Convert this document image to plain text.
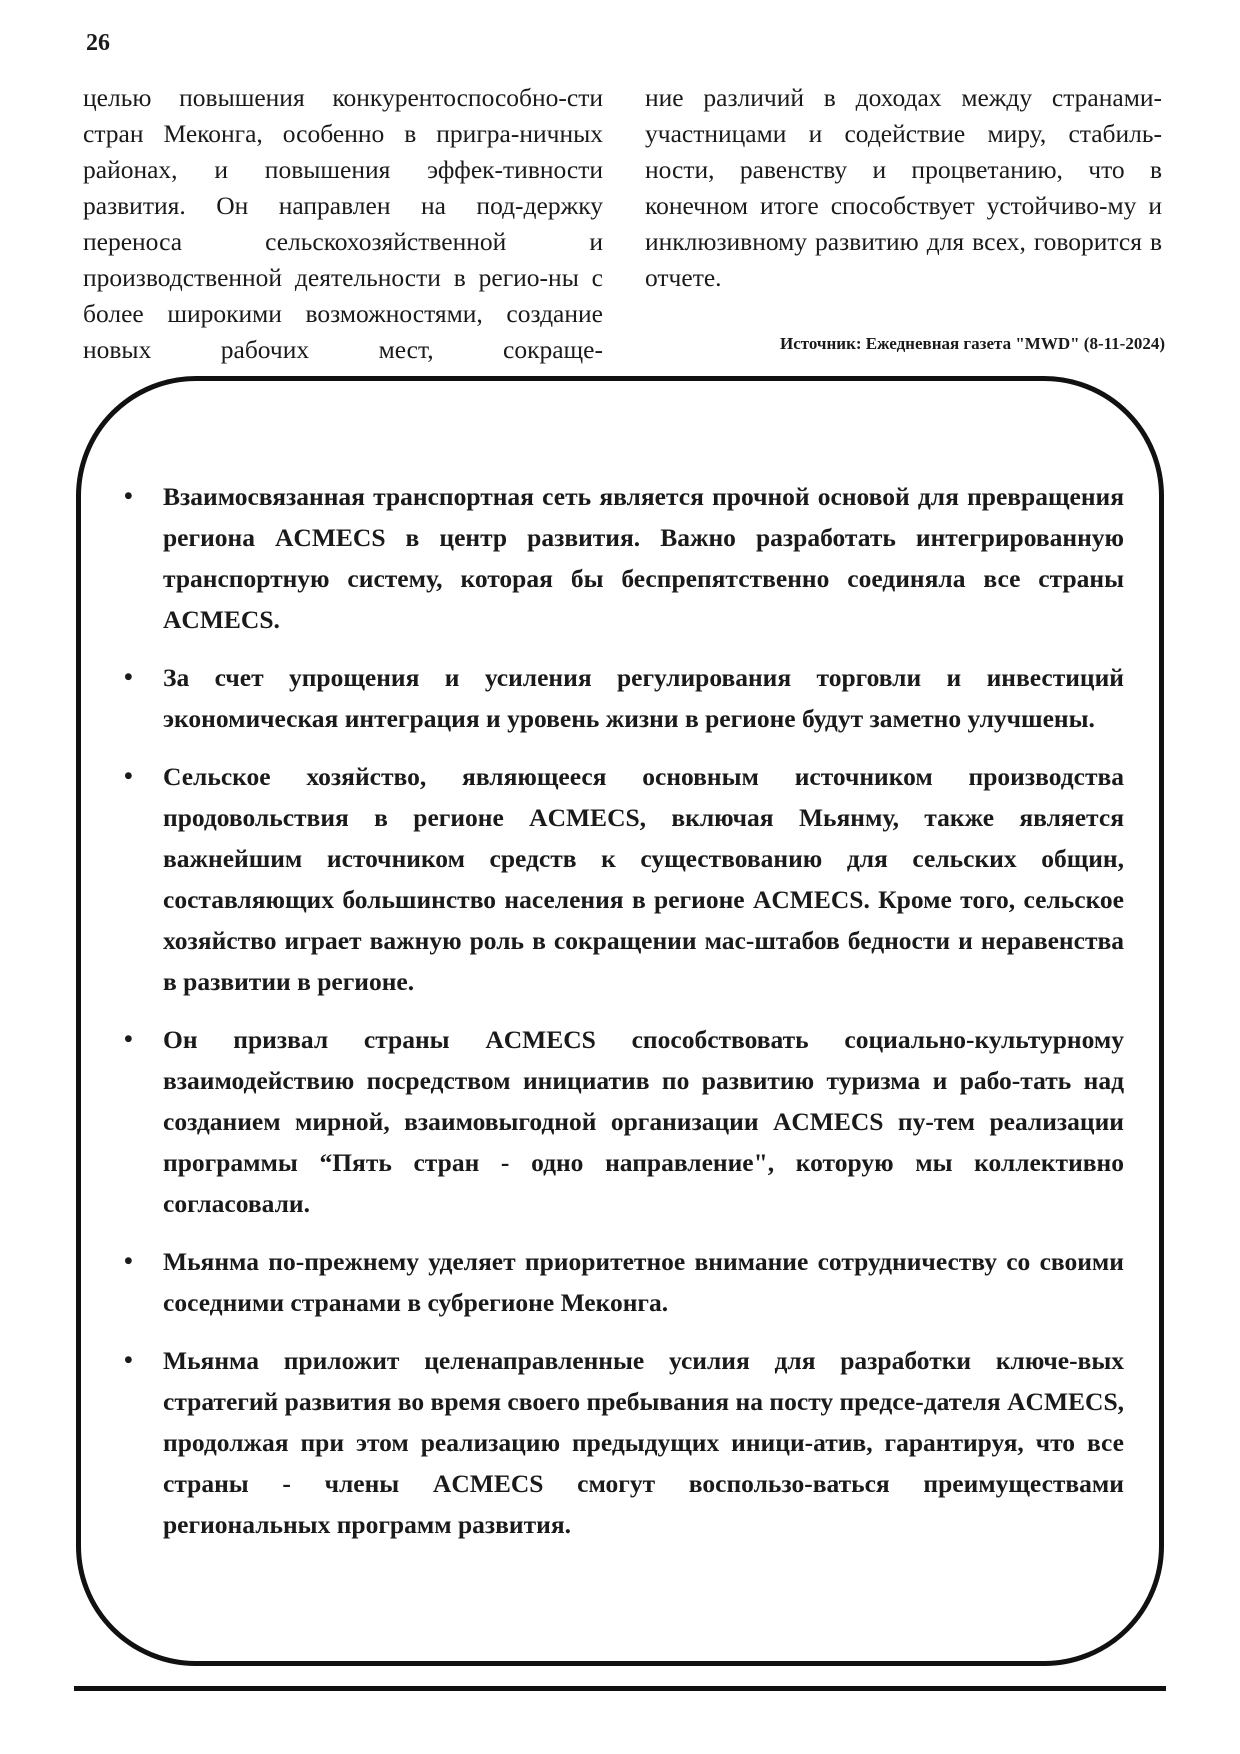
26

целью повышения конкурентоспособно-сти стран Меконга, особенно в пригра-ничных районах, и повышения эффек-тивности развития. Он направлен на под-держку переноса сельскохозяйственной и производственной деятельности в регио-ны с более широкими возможностями, создание новых рабочих мест, сокраще-

ние различий в доходах между странами-участницами и содействие миру, стабиль-ности, равенству и процветанию, что в конечном итоге способствует устойчиво-му и инклюзивному развитию для всех, говорится в отчете.

Источник: Ежедневная газета "MWD" (8-11-2024)
• Взаимосвязанная транспортная сеть является прочной основой для превращения региона ACMECS в центр развития. Важно разработать интегрированную транспортную систему, которая бы беспрепятственно соединяла все страны ACMECS.
• За счет упрощения и усиления регулирования торговли и инвестиций экономическая интеграция и уровень жизни в регионе будут заметно улучшены.
• Сельское хозяйство, являющееся основным источником производства продовольствия в регионе ACMECS, включая Мьянму, также является важнейшим источником средств к существованию для сельских общин, составляющих большинство населения в регионе ACMECS. Кроме того, сельское хозяйство играет важную роль в сокращении мас-штабов бедности и неравенства в развитии в регионе.
• Он призвал страны ACMECS способствовать социально-культурному взаимодействию посредством инициатив по развитию туризма и рабо-тать над созданием мирной, взаимовыгодной организации ACMECS пу-тем реализации программы “Пять стран - одно направление", которую мы коллективно согласовали.
• Мьянма по-прежнему уделяет приоритетное внимание сотрудничеству со своими соседними странами в субрегионе Меконга.
• Мьянма приложит целенаправленные усилия для разработки ключе-вых стратегий развития во время своего пребывания на посту предсе-дателя ACMECS, продолжая при этом реализацию предыдущих иници-атив, гарантируя, что все страны - члены ACMECS смогут воспользо-ваться преимуществами региональных программ развития.
